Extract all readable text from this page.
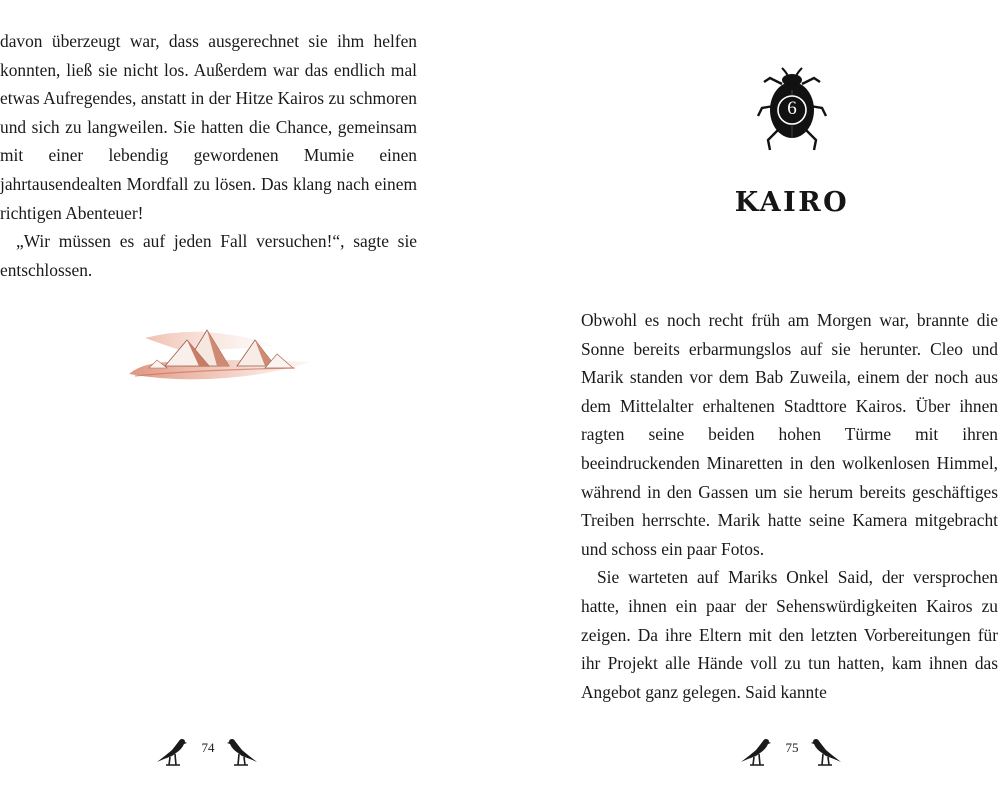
davon überzeugt war, dass ausgerechnet sie ihm helfen konnten, ließ sie nicht los. Außerdem war das endlich mal etwas Aufregendes, anstatt in der Hitze Kairos zu schmoren und sich zu langweilen. Sie hatten die Chance, gemeinsam mit einer lebendig gewordenen Mumie einen jahrtausendealten Mordfall zu lösen. Das klang nach einem richtigen Abenteuer!

„Wir müssen es auf jeden Fall versuchen!“, sagte sie entschlossen.

74
6
KAIRO

Obwohl es noch recht früh am Morgen war, brannte die Sonne bereits erbarmungslos auf sie herunter. Cleo und Marik standen vor dem Bab Zuweila, einem der noch aus dem Mittelalter erhaltenen Stadttore Kairos. Über ihnen ragten seine beiden hohen Türme mit ihren beeindruckenden Minaretten in den wolkenlosen Himmel, während in den Gassen um sie herum bereits geschäftiges Treiben herrschte. Marik hatte seine Kamera mitgebracht und schoss ein paar Fotos.

Sie warteten auf Mariks Onkel Said, der versprochen hatte, ihnen ein paar der Sehenswürdigkeiten Kairos zu zeigen. Da ihre Eltern mit den letzten Vorbereitungen für ihr Projekt alle Hände voll zu tun hatten, kam ihnen das Angebot ganz gelegen. Said kannte

75
